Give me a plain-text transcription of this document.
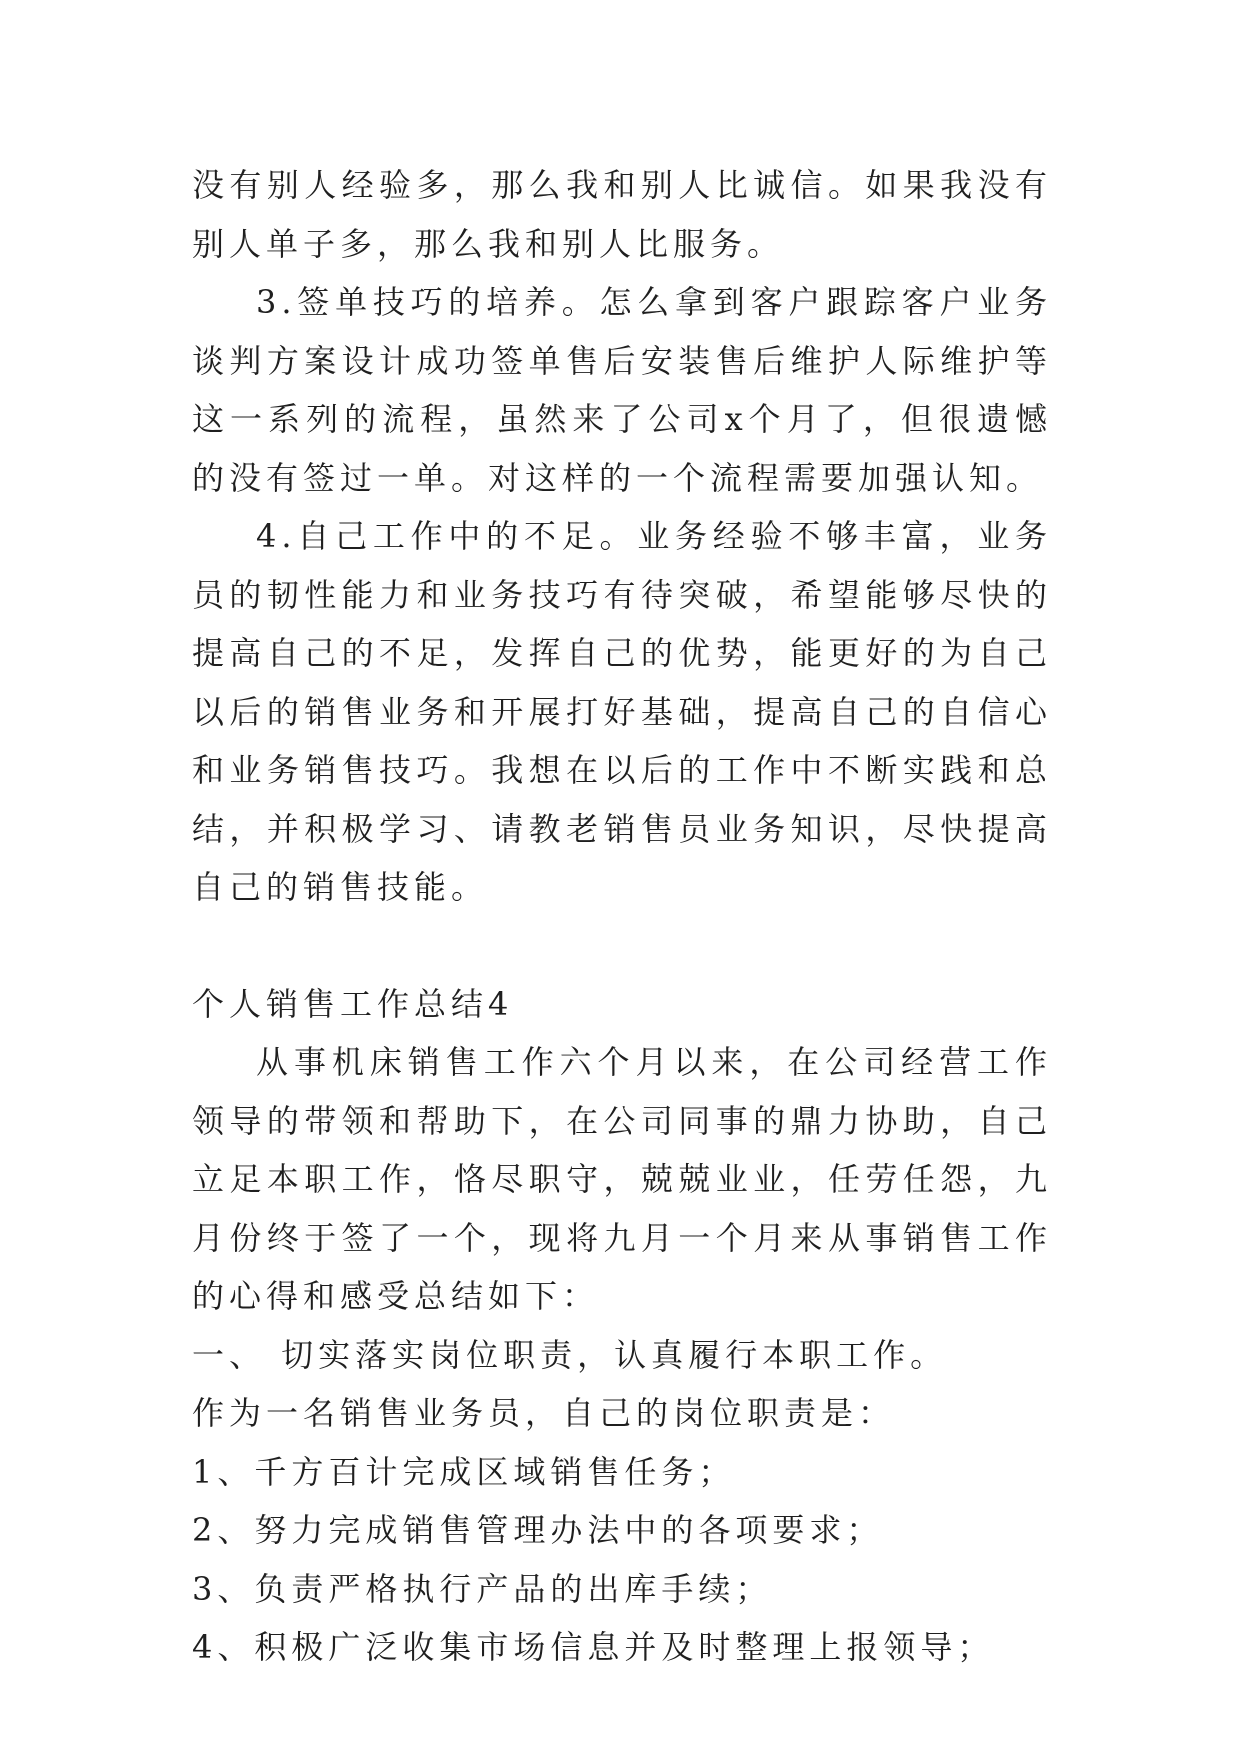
没有别人经验多，那么我和别人比诚信。如果我没有别人单子多，那么我和别人比服务。

3.签单技巧的培养。怎么拿到客户跟踪客户业务谈判方案设计成功签单售后安装售后维护人际维护等这一系列的流程，虽然来了公司x个月了，但很遗憾的没有签过一单。对这样的一个流程需要加强认知。

4.自己工作中的不足。业务经验不够丰富，业务员的韧性能力和业务技巧有待突破，希望能够尽快的提高自己的不足，发挥自己的优势，能更好的为自己以后的销售业务和开展打好基础，提高自己的自信心和业务销售技巧。我想在以后的工作中不断实践和总结，并积极学习、请教老销售员业务知识，尽快提高自己的销售技能。

个人销售工作总结4

从事机床销售工作六个月以来，在公司经营工作领导的带领和帮助下，在公司同事的鼎力协助，自己立足本职工作，恪尽职守，兢兢业业，任劳任怨，九月份终于签了一个，现将九月一个月来从事销售工作的心得和感受总结如下：

一、 切实落实岗位职责，认真履行本职工作。

作为一名销售业务员，自己的岗位职责是：

1、千方百计完成区域销售任务；

2、努力完成销售管理办法中的各项要求；

3、负责严格执行产品的出库手续；

4、积极广泛收集市场信息并及时整理上报领导；
